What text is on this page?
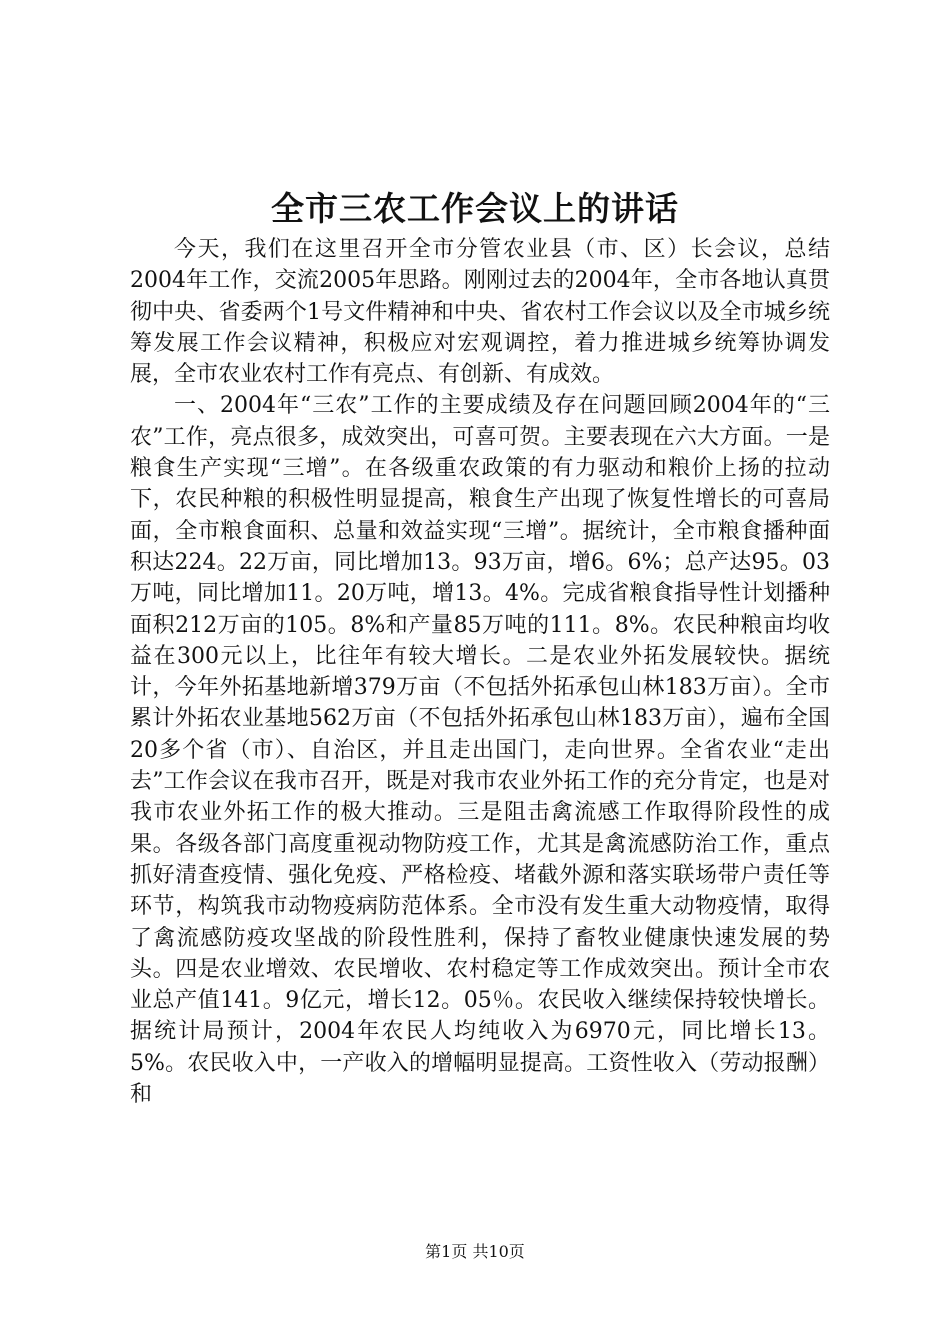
全市三农工作会议上的讲话

今天，我们在这里召开全市分管农业县（市、区）长会议，总结2004年工作，交流2005年思路。刚刚过去的2004年，全市各地认真贯彻中央、省委两个1号文件精神和中央、省农村工作会议以及全市城乡统筹发展工作会议精神，积极应对宏观调控，着力推进城乡统筹协调发展，全市农业农村工作有亮点、有创新、有成效。

一、2004年“三农”工作的主要成绩及存在问题回顾2004年的“三农”工作，亮点很多，成效突出，可喜可贺。主要表现在六大方面。一是粮食生产实现“三增”。在各级重农政策的有力驱动和粮价上扬的拉动下，农民种粮的积极性明显提高，粮食生产出现了恢复性增长的可喜局面，全市粮食面积、总量和效益实现“三增”。据统计，全市粮食播种面积达224。22万亩，同比增加13。93万亩，增6。6%；总产达95。03万吨，同比增加11。20万吨，增13。4%。完成省粮食指导性计划播种面积212万亩的105。8%和产量85万吨的111。8%。农民种粮亩均收益在300元以上，比往年有较大增长。二是农业外拓发展较快。据统计，今年外拓基地新增379万亩（不包括外拓承包山林183万亩）。全市累计外拓农业基地562万亩（不包括外拓承包山林183万亩），遍布全国20多个省（市）、自治区，并且走出国门，走向世界。全省农业“走出去”工作会议在我市召开，既是对我市农业外拓工作的充分肯定，也是对我市农业外拓工作的极大推动。三是阻击禽流感工作取得阶段性的成果。各级各部门高度重视动物防疫工作，尤其是禽流感防治工作，重点抓好清查疫情、强化免疫、严格检疫、堵截外源和落实联场带户责任等环节，构筑我市动物疫病防范体系。全市没有发生重大动物疫情，取得了禽流感防疫攻坚战的阶段性胜利，保持了畜牧业健康快速发展的势头。四是农业增效、农民增收、农村稳定等工作成效突出。预计全市农业总产值141。9亿元，增长12。05％。农民收入继续保持较快增长。据统计局预计，2004年农民人均纯收入为6970元，同比增长13。5%。农民收入中，一产收入的增幅明显提高。工资性收入（劳动报酬）和

第1页 共10页
